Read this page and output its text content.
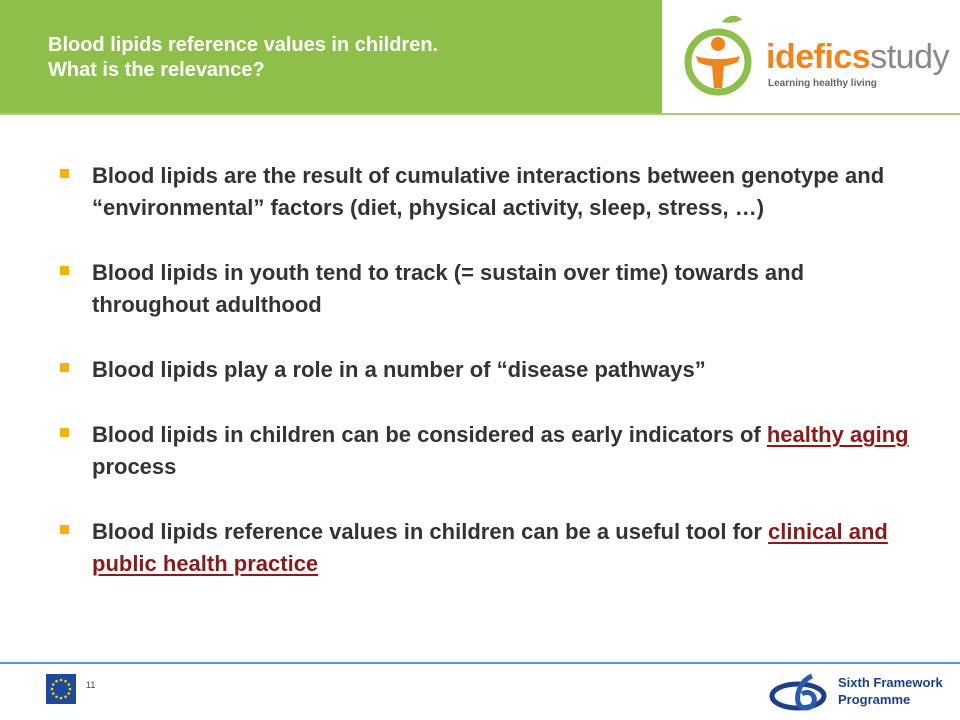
Blood lipids reference values in children.
What is the relevance?	ideficsstudy
Learning healthy living
Blood lipids are the result of cumulative interactions between genotype and “environmental” factors (diet, physical activity, sleep, stress, …)
Blood lipids in youth tend to track (= sustain over time) towards and throughout adulthood
Blood lipids play a role in a number of “disease pathways”
Blood lipids in children can be considered as early indicators of healthy aging process
Blood lipids reference values in children can be a useful tool for clinical and public health practice
11	Sixth Framework
Programme
